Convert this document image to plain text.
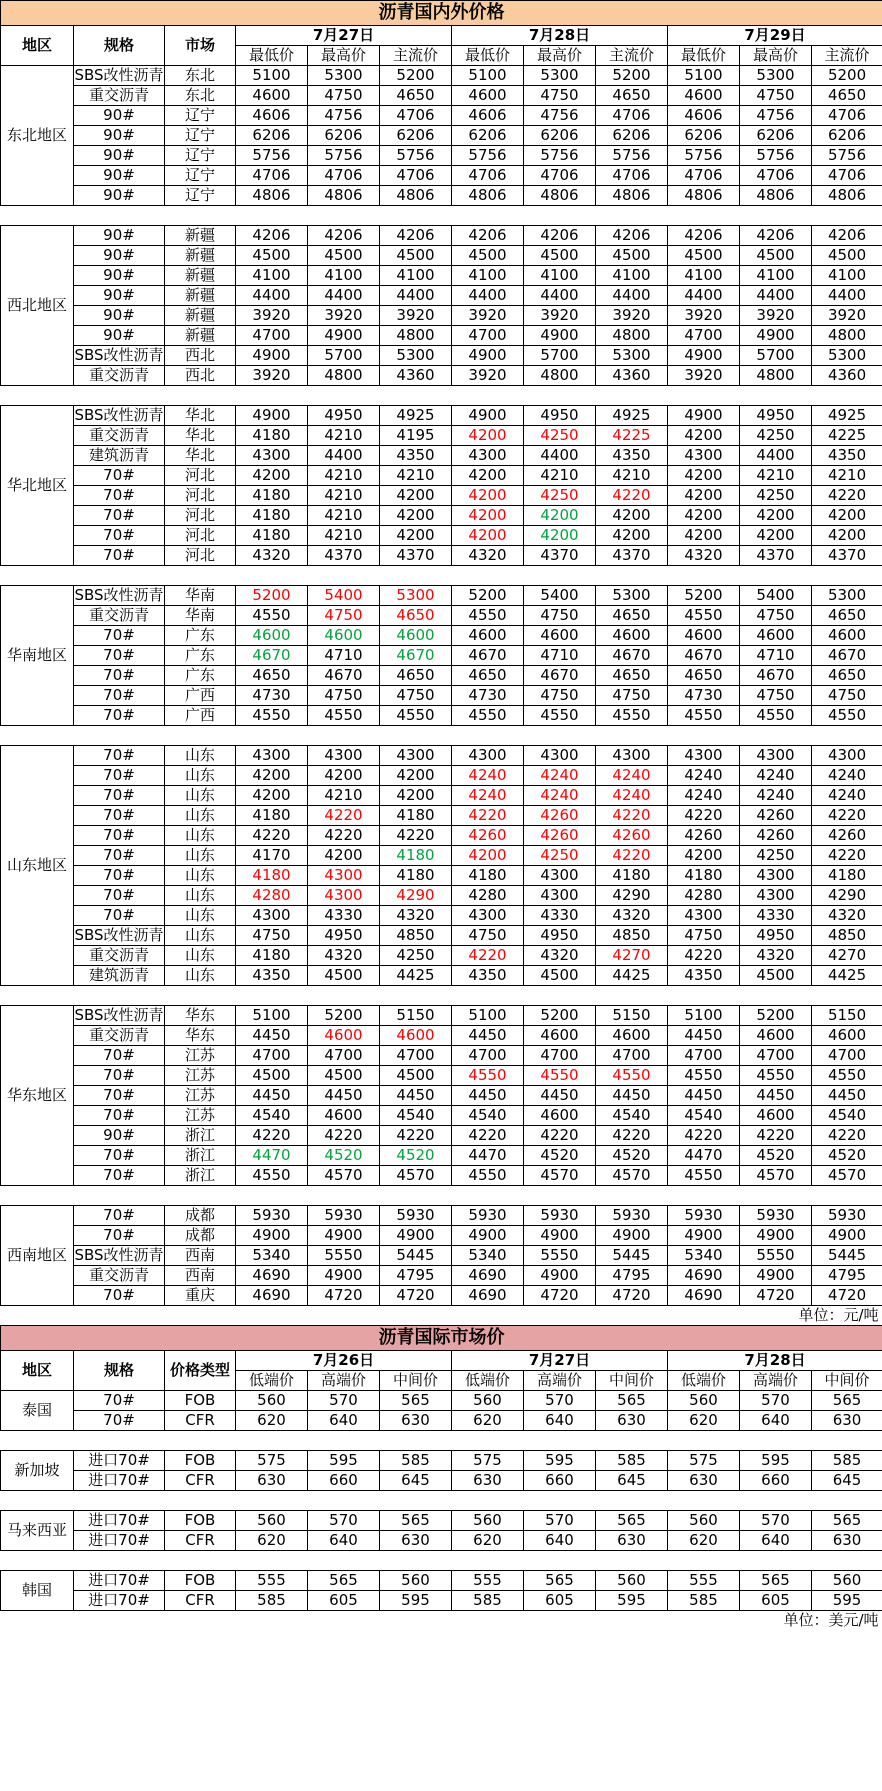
沥青国内外价格											
地区	规格	市场	7月27日			7月28日			7月29日		
			最低价	最高价	主流价	最低价	最高价	主流价	最低价	最高价	主流价
东北地区	SBS改性沥青	东北	5100	5300	5200	5100	5300	5200	5100	5300	5200
	重交沥青	东北	4600	4750	4650	4600	4750	4650	4600	4750	4650
	90#	辽宁	4606	4756	4706	4606	4756	4706	4606	4756	4706
	90#	辽宁	6206	6206	6206	6206	6206	6206	6206	6206	6206
	90#	辽宁	5756	5756	5756	5756	5756	5756	5756	5756	5756
	90#	辽宁	4706	4706	4706	4706	4706	4706	4706	4706	4706
	90#	辽宁	4806	4806	4806	4806	4806	4806	4806	4806	4806

西北地区	90#	新疆	4206	4206	4206	4206	4206	4206	4206	4206	4206
	90#	新疆	4500	4500	4500	4500	4500	4500	4500	4500	4500
	90#	新疆	4100	4100	4100	4100	4100	4100	4100	4100	4100
	90#	新疆	4400	4400	4400	4400	4400	4400	4400	4400	4400
	90#	新疆	3920	3920	3920	3920	3920	3920	3920	3920	3920
	90#	新疆	4700	4900	4800	4700	4900	4800	4700	4900	4800
	SBS改性沥青	西北	4900	5700	5300	4900	5700	5300	4900	5700	5300
	重交沥青	西北	3920	4800	4360	3920	4800	4360	3920	4800	4360

华北地区	SBS改性沥青	华北	4900	4950	4925	4900	4950	4925	4900	4950	4925
	重交沥青	华北	4180	4210	4195	4200	4250	4225	4200	4250	4225
	建筑沥青	华北	4300	4400	4350	4300	4400	4350	4300	4400	4350
	70#	河北	4200	4210	4210	4200	4210	4210	4200	4210	4210
	70#	河北	4180	4210	4200	4200	4250	4220	4200	4250	4220
	70#	河北	4180	4210	4200	4200	4200	4200	4200	4200	4200
	70#	河北	4180	4210	4200	4200	4200	4200	4200	4200	4200
	70#	河北	4320	4370	4370	4320	4370	4370	4320	4370	4370

华南地区	SBS改性沥青	华南	5200	5400	5300	5200	5400	5300	5200	5400	5300
	重交沥青	华南	4550	4750	4650	4550	4750	4650	4550	4750	4650
	70#	广东	4600	4600	4600	4600	4600	4600	4600	4600	4600
	70#	广东	4670	4710	4670	4670	4710	4670	4670	4710	4670
	70#	广东	4650	4670	4650	4650	4670	4650	4650	4670	4650
	70#	广西	4730	4750	4750	4730	4750	4750	4730	4750	4750
	70#	广西	4550	4550	4550	4550	4550	4550	4550	4550	4550

山东地区	70#	山东	4300	4300	4300	4300	4300	4300	4300	4300	4300
	70#	山东	4200	4200	4200	4240	4240	4240	4240	4240	4240
	70#	山东	4200	4210	4200	4240	4240	4240	4240	4240	4240
	70#	山东	4180	4220	4180	4220	4260	4220	4220	4260	4220
	70#	山东	4220	4220	4220	4260	4260	4260	4260	4260	4260
	70#	山东	4170	4200	4180	4200	4250	4220	4200	4250	4220
	70#	山东	4180	4300	4180	4180	4300	4180	4180	4300	4180
	70#	山东	4280	4300	4290	4280	4300	4290	4280	4300	4290
	70#	山东	4300	4330	4320	4300	4330	4320	4300	4330	4320
	SBS改性沥青	山东	4750	4950	4850	4750	4950	4850	4750	4950	4850
	重交沥青	山东	4180	4320	4250	4220	4320	4270	4220	4320	4270
	建筑沥青	山东	4350	4500	4425	4350	4500	4425	4350	4500	4425

华东地区	SBS改性沥青	华东	5100	5200	5150	5100	5200	5150	5100	5200	5150
	重交沥青	华东	4450	4600	4600	4450	4600	4600	4450	4600	4600
	70#	江苏	4700	4700	4700	4700	4700	4700	4700	4700	4700
	70#	江苏	4500	4500	4500	4550	4550	4550	4550	4550	4550
	70#	江苏	4450	4450	4450	4450	4450	4450	4450	4450	4450
	70#	江苏	4540	4600	4540	4540	4600	4540	4540	4600	4540
	90#	浙江	4220	4220	4220	4220	4220	4220	4220	4220	4220
	70#	浙江	4470	4520	4520	4470	4520	4520	4470	4520	4520
	70#	浙江	4550	4570	4570	4550	4570	4570	4550	4570	4570

西南地区	70#	成都	5930	5930	5930	5930	5930	5930	5930	5930	5930
	70#	成都	4900	4900	4900	4900	4900	4900	4900	4900	4900
	SBS改性沥青	西南	5340	5550	5445	5340	5550	5445	5340	5550	5445
	重交沥青	西南	4690	4900	4795	4690	4900	4795	4690	4900	4795
	70#	重庆	4690	4720	4720	4690	4720	4720	4690	4720	4720
单位：元/吨											
沥青国际市场价											
地区	规格	价格类型	7月26日			7月27日			7月28日		
			低端价	高端价	中间价	低端价	高端价	中间价	低端价	高端价	中间价
泰国	70#	FOB	560	570	565	560	570	565	560	570	565
	70#	CFR	620	640	630	620	640	630	620	640	630

新加坡	进口70#	FOB	575	595	585	575	595	585	575	595	585
	进口70#	CFR	630	660	645	630	660	645	630	660	645

马来西亚	进口70#	FOB	560	570	565	560	570	565	560	570	565
	进口70#	CFR	620	640	630	620	640	630	620	640	630

韩国	进口70#	FOB	555	565	560	555	565	560	555	565	560
	进口70#	CFR	585	605	595	585	605	595	585	605	595
单位：美元/吨											
